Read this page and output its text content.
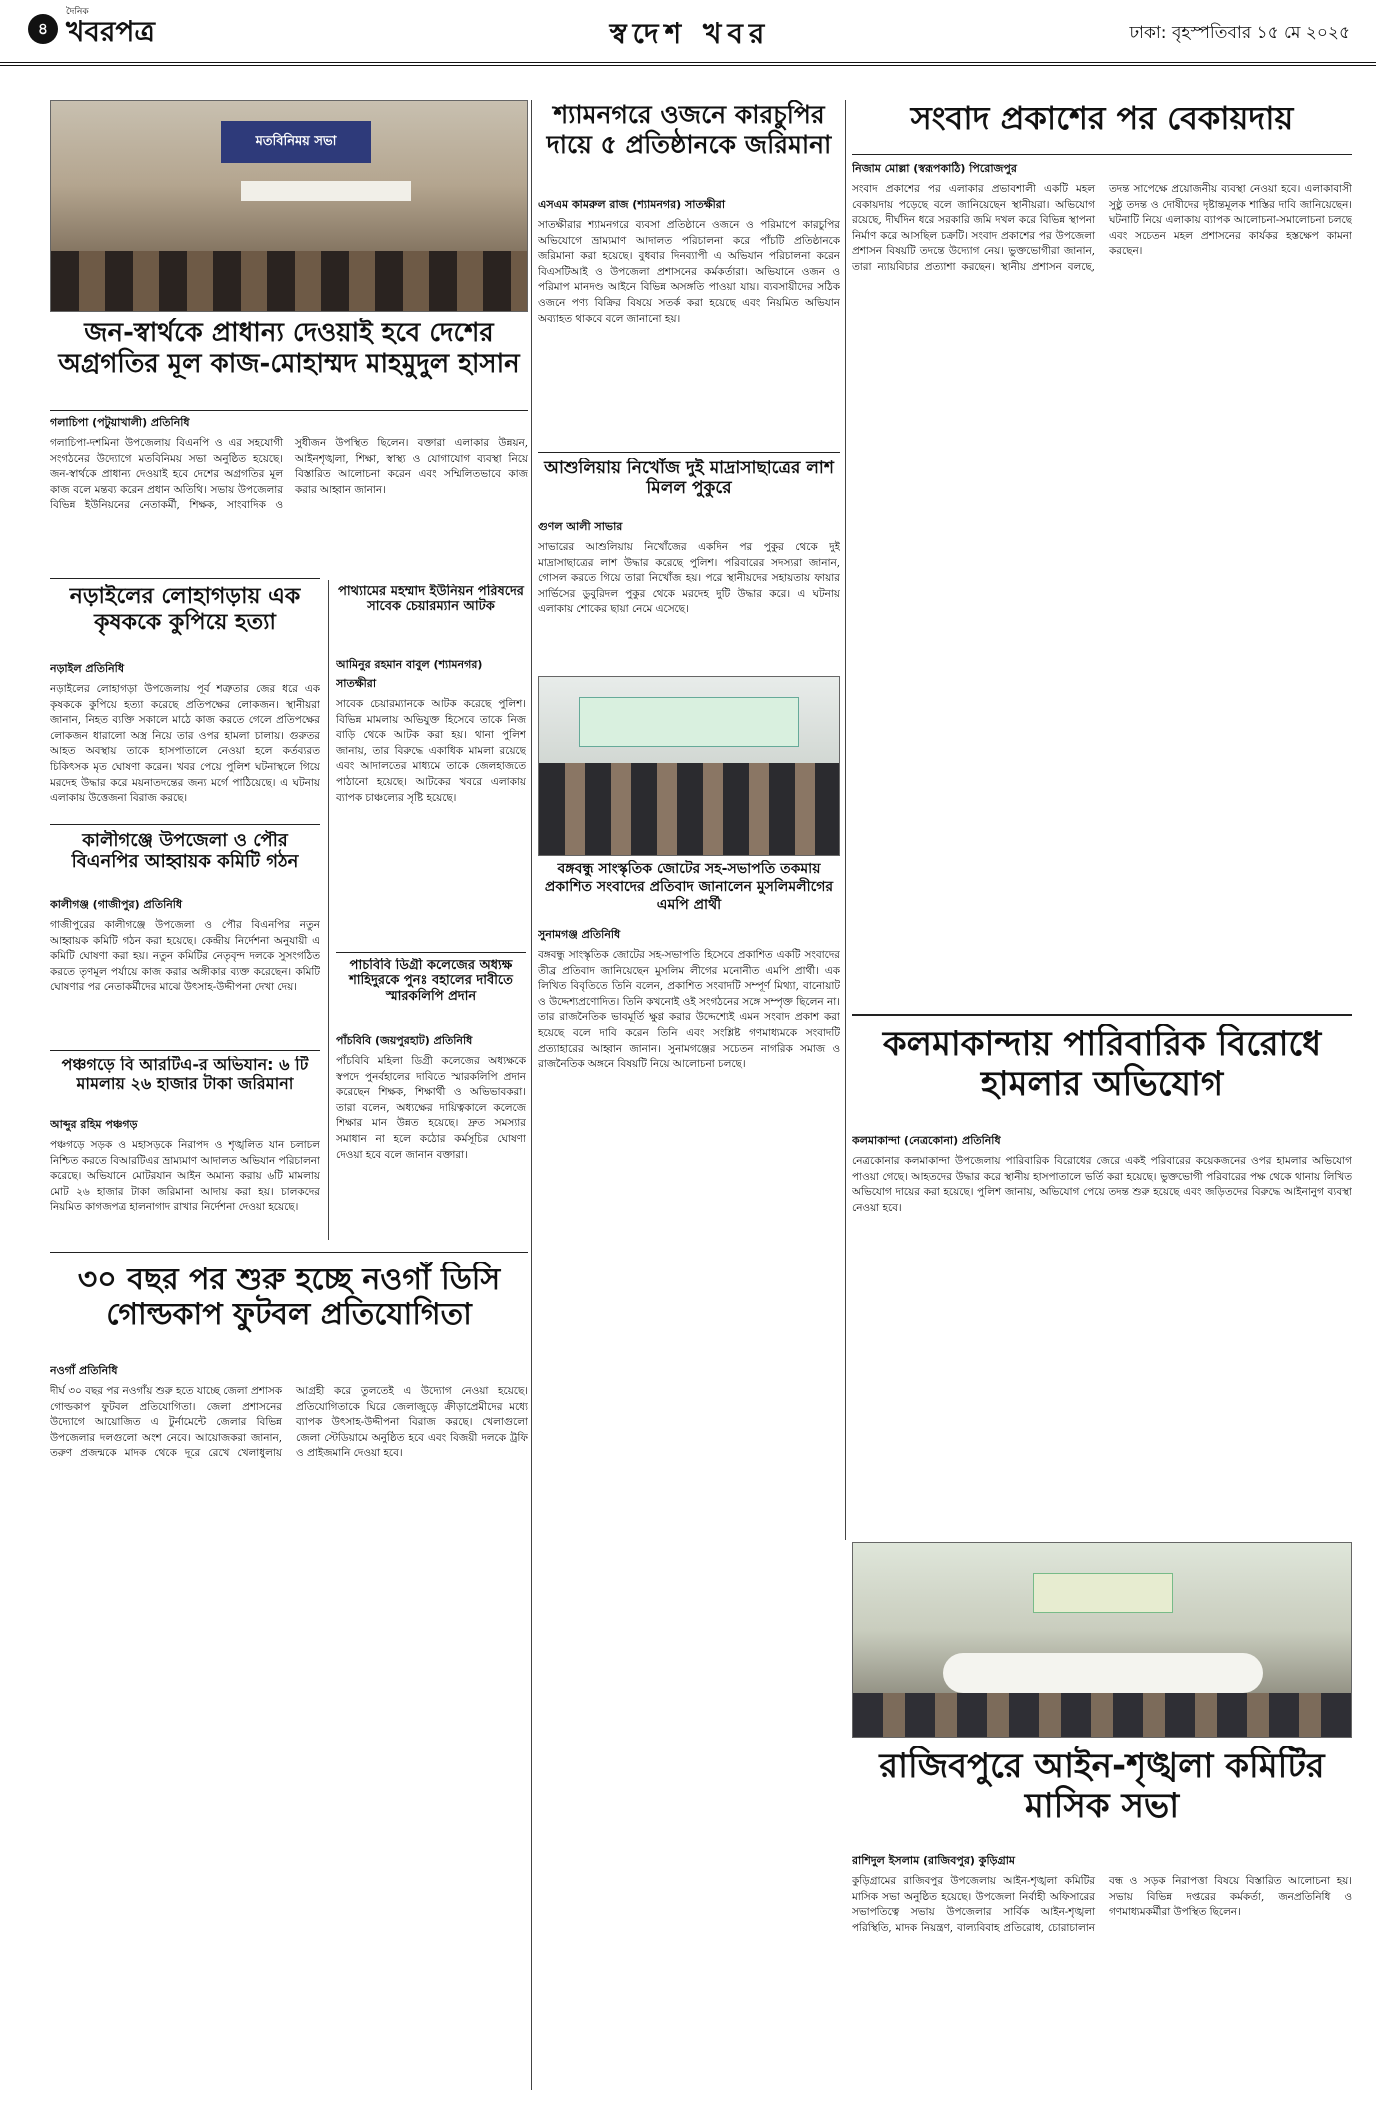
৪
দৈনিক
খবরপত্র	স্বদেশ খবর	ঢাকা: বৃহস্পতিবার ১৫ মে ২০২৫
মতবিনিময় সভা
জন-স্বার্থকে প্রাধান্য দেওয়াই হবে দেশের অগ্রগতির মূল কাজ-মোহাম্মদ মাহমুদুল হাসান
গলাচিপা (পটুয়াখালী) প্রতিনিধি
গলাচিপা-দশমিনা উপজেলায় বিএনপি ও এর সহযোগী সংগঠনের উদ্যোগে মতবিনিময় সভা অনুষ্ঠিত হয়েছে। জন-স্বার্থকে প্রাধান্য দেওয়াই হবে দেশের অগ্রগতির মূল কাজ বলে মন্তব্য করেন প্রধান অতিথি। সভায় উপজেলার বিভিন্ন ইউনিয়নের নেতাকর্মী, শিক্ষক, সাংবাদিক ও সুধীজন উপস্থিত ছিলেন। বক্তারা এলাকার উন্নয়ন, আইনশৃঙ্খলা, শিক্ষা, স্বাস্থ্য ও যোগাযোগ ব্যবস্থা নিয়ে বিস্তারিত আলোচনা করেন এবং সম্মিলিতভাবে কাজ করার আহ্বান জানান।
নড়াইলের লোহাগড়ায় এক কৃষককে কুপিয়ে হত্যা
নড়াইল প্রতিনিধি
নড়াইলের লোহাগড়া উপজেলায় পূর্ব শত্রুতার জের ধরে এক কৃষককে কুপিয়ে হত্যা করেছে প্রতিপক্ষের লোকজন। স্থানীয়রা জানান, নিহত ব্যক্তি সকালে মাঠে কাজ করতে গেলে প্রতিপক্ষের লোকজন ধারালো অস্ত্র নিয়ে তার ওপর হামলা চালায়। গুরুতর আহত অবস্থায় তাকে হাসপাতালে নেওয়া হলে কর্তব্যরত চিকিৎসক মৃত ঘোষণা করেন। খবর পেয়ে পুলিশ ঘটনাস্থলে গিয়ে মরদেহ উদ্ধার করে ময়নাতদন্তের জন্য মর্গে পাঠিয়েছে। এ ঘটনায় এলাকায় উত্তেজনা বিরাজ করছে।
কালীগঞ্জে উপজেলা ও পৌর বিএনপির আহ্বায়ক কমিটি গঠন
কালীগঞ্জ (গাজীপুর) প্রতিনিধি
গাজীপুরের কালীগঞ্জে উপজেলা ও পৌর বিএনপির নতুন আহ্বায়ক কমিটি গঠন করা হয়েছে। কেন্দ্রীয় নির্দেশনা অনুযায়ী এ কমিটি ঘোষণা করা হয়। নতুন কমিটির নেতৃবৃন্দ দলকে সুসংগঠিত করতে তৃণমূল পর্যায়ে কাজ করার অঙ্গীকার ব্যক্ত করেছেন। কমিটি ঘোষণার পর নেতাকর্মীদের মাঝে উৎসাহ-উদ্দীপনা দেখা দেয়।
পঞ্চগড়ে বি আরটিএ-র অভিযান: ৬ টি মামলায় ২৬ হাজার টাকা জরিমানা
আব্দুর রহিম পঞ্চগড়
পঞ্চগড়ে সড়ক ও মহাসড়কে নিরাপদ ও শৃঙ্খলিত যান চলাচল নিশ্চিত করতে বিআরটিএর ভ্রাম্যমাণ আদালত অভিযান পরিচালনা করেছে। অভিযানে মোটরযান আইন অমান্য করায় ৬টি মামলায় মোট ২৬ হাজার টাকা জরিমানা আদায় করা হয়। চালকদের নিয়মিত কাগজপত্র হালনাগাদ রাখার নির্দেশনা দেওয়া হয়েছে।
পাথ্যামের মহম্মাদ ইউনিয়ন পরিষদের সাবেক চেয়ারম্যান আটক
আমিনুর রহমান বাবুল (শ্যামনগর) সাতক্ষীরা
সাবেক চেয়ারম্যানকে আটক করেছে পুলিশ। বিভিন্ন মামলায় অভিযুক্ত হিসেবে তাকে নিজ বাড়ি থেকে আটক করা হয়। থানা পুলিশ জানায়, তার বিরুদ্ধে একাধিক মামলা রয়েছে এবং আদালতের মাধ্যমে তাকে জেলহাজতে পাঠানো হয়েছে। আটকের খবরে এলাকায় ব্যাপক চাঞ্চল্যের সৃষ্টি হয়েছে।
পাচবিবি ডিগ্রী কলেজের অধ্যক্ষ শাহিদুরকে পুনঃ বহালের দাবীতে স্মারকলিপি প্রদান
পাঁচবিবি (জয়পুরহাট) প্রতিনিধি
পাঁচবিবি মহিলা ডিগ্রী কলেজের অধ্যক্ষকে স্বপদে পুনর্বহালের দাবিতে স্মারকলিপি প্রদান করেছেন শিক্ষক, শিক্ষার্থী ও অভিভাবকরা। তারা বলেন, অধ্যক্ষের দায়িত্বকালে কলেজে শিক্ষার মান উন্নত হয়েছে। দ্রুত সমস্যার সমাধান না হলে কঠোর কর্মসূচির ঘোষণা দেওয়া হবে বলে জানান বক্তারা।
৩০ বছর পর শুরু হচ্ছে নওগাঁ ডিসি গোল্ডকাপ ফুটবল প্রতিযোগিতা
নওগাঁ প্রতিনিধি
দীর্ঘ ৩০ বছর পর নওগাঁয় শুরু হতে যাচ্ছে জেলা প্রশাসক গোল্ডকাপ ফুটবল প্রতিযোগিতা। জেলা প্রশাসনের উদ্যোগে আয়োজিত এ টুর্নামেন্টে জেলার বিভিন্ন উপজেলার দলগুলো অংশ নেবে। আয়োজকরা জানান, তরুণ প্রজন্মকে মাদক থেকে দূরে রেখে খেলাধুলায় আগ্রহী করে তুলতেই এ উদ্যোগ নেওয়া হয়েছে। প্রতিযোগিতাকে ঘিরে জেলাজুড়ে ক্রীড়াপ্রেমীদের মধ্যে ব্যাপক উৎসাহ-উদ্দীপনা বিরাজ করছে। খেলাগুলো জেলা স্টেডিয়ামে অনুষ্ঠিত হবে এবং বিজয়ী দলকে ট্রফি ও প্রাইজমানি দেওয়া হবে।
শ্যামনগরে ওজনে কারচুপির দায়ে ৫ প্রতিষ্ঠানকে জরিমানা
এসএম কামরুল রাজ (শ্যামনগর) সাতক্ষীরা
সাতক্ষীরার শ্যামনগরে ব্যবসা প্রতিষ্ঠানে ওজনে ও পরিমাপে কারচুপির অভিযোগে ভ্রাম্যমাণ আদালত পরিচালনা করে পাঁচটি প্রতিষ্ঠানকে জরিমানা করা হয়েছে। বুধবার দিনব্যাপী এ অভিযান পরিচালনা করেন বিএসটিআই ও উপজেলা প্রশাসনের কর্মকর্তারা। অভিযানে ওজন ও পরিমাপ মানদণ্ড আইনে বিভিন্ন অসঙ্গতি পাওয়া যায়। ব্যবসায়ীদের সঠিক ওজনে পণ্য বিক্রির বিষয়ে সতর্ক করা হয়েছে এবং নিয়মিত অভিযান অব্যাহত থাকবে বলে জানানো হয়।
আশুলিয়ায় নিখোঁজ দুই মাদ্রাসাছাত্রের লাশ মিলল পুকুরে
গুণল আলী সাভার
সাভারের আশুলিয়ায় নিখোঁজের একদিন পর পুকুর থেকে দুই মাদ্রাসাছাত্রের লাশ উদ্ধার করেছে পুলিশ। পরিবারের সদস্যরা জানান, গোসল করতে গিয়ে তারা নিখোঁজ হয়। পরে স্থানীয়দের সহায়তায় ফায়ার সার্ভিসের ডুবুরিদল পুকুর থেকে মরদেহ দুটি উদ্ধার করে। এ ঘটনায় এলাকায় শোকের ছায়া নেমে এসেছে।
বঙ্গবন্ধু সাংস্কৃতিক জোটের সহ-সভাপতি তকমায় প্রকাশিত সংবাদের প্রতিবাদ জানালেন মুসলিমলীগের এমপি প্রার্থী
সুনামগঞ্জ প্রতিনিধি
বঙ্গবন্ধু সাংস্কৃতিক জোটের সহ-সভাপতি হিসেবে প্রকাশিত একটি সংবাদের তীব্র প্রতিবাদ জানিয়েছেন মুসলিম লীগের মনোনীত এমপি প্রার্থী। এক লিখিত বিবৃতিতে তিনি বলেন, প্রকাশিত সংবাদটি সম্পূর্ণ মিথ্যা, বানোয়াট ও উদ্দেশ্যপ্রণোদিত। তিনি কখনোই ওই সংগঠনের সঙ্গে সম্পৃক্ত ছিলেন না। তার রাজনৈতিক ভাবমূর্তি ক্ষুণ্ণ করার উদ্দেশ্যেই এমন সংবাদ প্রকাশ করা হয়েছে বলে দাবি করেন তিনি এবং সংশ্লিষ্ট গণমাধ্যমকে সংবাদটি প্রত্যাহারের আহ্বান জানান। সুনামগঞ্জের সচেতন নাগরিক সমাজ ও রাজনৈতিক অঙ্গনে বিষয়টি নিয়ে আলোচনা চলছে।
সংবাদ প্রকাশের পর বেকায়দায়
নিজাম মোল্লা (স্বরূপকাঠি) পিরোজপুর
সংবাদ প্রকাশের পর এলাকার প্রভাবশালী একটি মহল বেকায়দায় পড়েছে বলে জানিয়েছেন স্থানীয়রা। অভিযোগ রয়েছে, দীর্ঘদিন ধরে সরকারি জমি দখল করে বিভিন্ন স্থাপনা নির্মাণ করে আসছিল চক্রটি। সংবাদ প্রকাশের পর উপজেলা প্রশাসন বিষয়টি তদন্তে উদ্যোগ নেয়। ভুক্তভোগীরা জানান, তারা ন্যায়বিচার প্রত্যাশা করছেন। স্থানীয় প্রশাসন বলছে, তদন্ত সাপেক্ষে প্রয়োজনীয় ব্যবস্থা নেওয়া হবে। এলাকাবাসী সুষ্ঠু তদন্ত ও দোষীদের দৃষ্টান্তমূলক শাস্তির দাবি জানিয়েছেন। ঘটনাটি নিয়ে এলাকায় ব্যাপক আলোচনা-সমালোচনা চলছে এবং সচেতন মহল প্রশাসনের কার্যকর হস্তক্ষেপ কামনা করছেন।
কলমাকান্দায় পারিবারিক বিরোধে হামলার অভিযোগ
কলমাকান্দা (নেত্রকোনা) প্রতিনিধি
নেত্রকোনার কলমাকান্দা উপজেলায় পারিবারিক বিরোধের জেরে একই পরিবারের কয়েকজনের ওপর হামলার অভিযোগ পাওয়া গেছে। আহতদের উদ্ধার করে স্থানীয় হাসপাতালে ভর্তি করা হয়েছে। ভুক্তভোগী পরিবারের পক্ষ থেকে থানায় লিখিত অভিযোগ দায়ের করা হয়েছে। পুলিশ জানায়, অভিযোগ পেয়ে তদন্ত শুরু হয়েছে এবং জড়িতদের বিরুদ্ধে আইনানুগ ব্যবস্থা নেওয়া হবে।
রাজিবপুরে আইন-শৃঙ্খলা কমিটির মাসিক সভা
রাশিদুল ইসলাম (রাজিবপুর) কুড়িগ্রাম
কুড়িগ্রামের রাজিবপুর উপজেলায় আইন-শৃঙ্খলা কমিটির মাসিক সভা অনুষ্ঠিত হয়েছে। উপজেলা নির্বাহী অফিসারের সভাপতিত্বে সভায় উপজেলার সার্বিক আইন-শৃঙ্খলা পরিস্থিতি, মাদক নিয়ন্ত্রণ, বাল্যবিবাহ প্রতিরোধ, চোরাচালান বন্ধ ও সড়ক নিরাপত্তা বিষয়ে বিস্তারিত আলোচনা হয়। সভায় বিভিন্ন দপ্তরের কর্মকর্তা, জনপ্রতিনিধি ও গণমাধ্যমকর্মীরা উপস্থিত ছিলেন।
